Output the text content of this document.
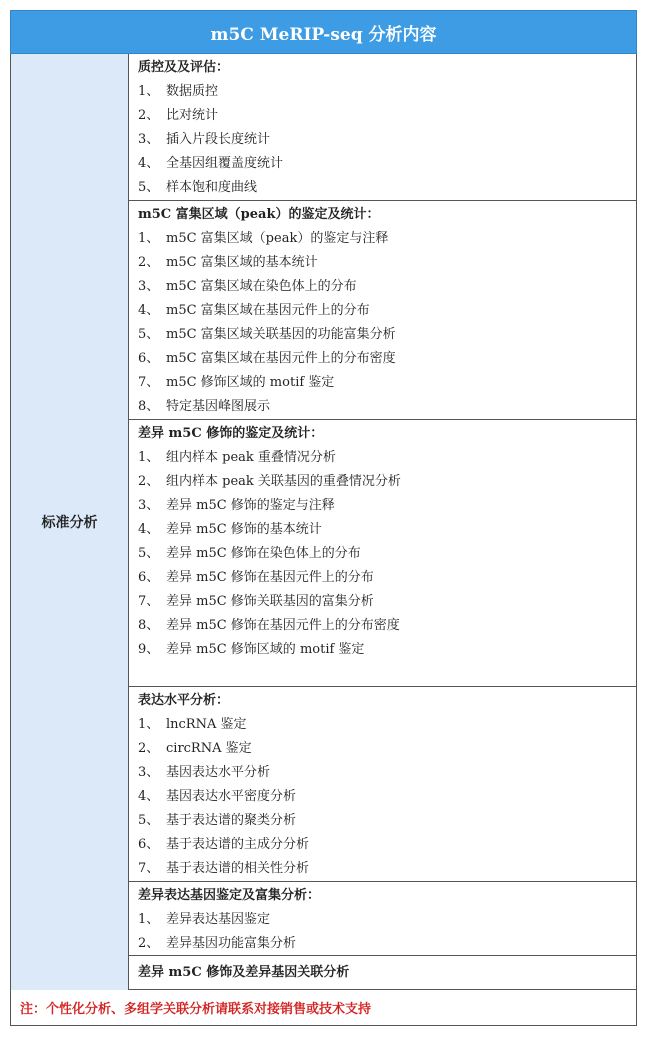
m5C MeRIP-seq 分析内容
标准分析
质控及及评估：
1、 数据质控
2、 比对统计
3、 插入片段长度统计
4、 全基因组覆盖度统计
5、 样本饱和度曲线
m5C 富集区域（peak）的鉴定及统计：
1、 m5C 富集区域（peak）的鉴定与注释
2、 m5C 富集区域的基本统计
3、 m5C 富集区域在染色体上的分布
4、 m5C 富集区域在基因元件上的分布
5、 m5C 富集区域关联基因的功能富集分析
6、 m5C 富集区域在基因元件上的分布密度
7、 m5C 修饰区域的 motif 鉴定
8、 特定基因峰图展示
差异 m5C 修饰的鉴定及统计：
1、 组内样本 peak 重叠情况分析
2、 组内样本 peak 关联基因的重叠情况分析
3、 差异 m5C 修饰的鉴定与注释
4、 差异 m5C 修饰的基本统计
5、 差异 m5C 修饰在染色体上的分布
6、 差异 m5C 修饰在基因元件上的分布
7、 差异 m5C 修饰关联基因的富集分析
8、 差异 m5C 修饰在基因元件上的分布密度
9、 差异 m5C 修饰区域的 motif 鉴定
表达水平分析：
1、 lncRNA 鉴定
2、 circRNA 鉴定
3、 基因表达水平分析
4、 基因表达水平密度分析
5、 基于表达谱的聚类分析
6、 基于表达谱的主成分分析
7、 基于表达谱的相关性分析
差异表达基因鉴定及富集分析：
1、 差异表达基因鉴定
2、 差异基因功能富集分析
差异 m5C 修饰及差异基因关联分析
注：个性化分析、多组学关联分析请联系对接销售或技术支持
